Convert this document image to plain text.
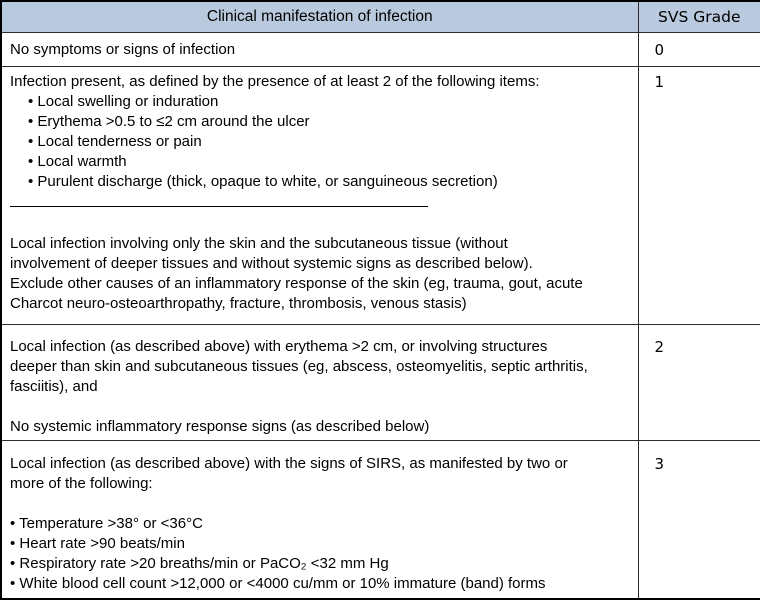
Clinical manifestation of infection	SVS Grade

No symptoms or signs of infection	0

Infection present, as defined by the presence of at least 2 of the following items:
• Local swelling or induration
• Erythema >0.5 to ≤2 cm around the ulcer
• Local tenderness or pain
• Local warmth
• Purulent discharge (thick, opaque to white, or sanguineous secretion)
Local infection involving only the skin and the subcutaneous tissue (without
involvement of deeper tissues and without systemic signs as described below).
Exclude other causes of an inflammatory response of the skin (eg, trauma, gout, acute
Charcot neuro-osteoarthropathy, fracture, thrombosis, venous stasis)
	1

Local infection (as described above) with erythema >2 cm, or involving structures
deeper than skin and subcutaneous tissues (eg, abscess, osteomyelitis, septic arthritis,
fasciitis), and
No systemic inflammatory response signs (as described below)	2

Local infection (as described above) with the signs of SIRS, as manifested by two or
more of the following:
• Temperature >38° or <36°C
• Heart rate >90 beats/min
• Respiratory rate >20 breaths/min or PaCO₂ <32 mm Hg
• White blood cell count >12,000 or <4000 cu/mm or 10% immature (band) forms
	3
